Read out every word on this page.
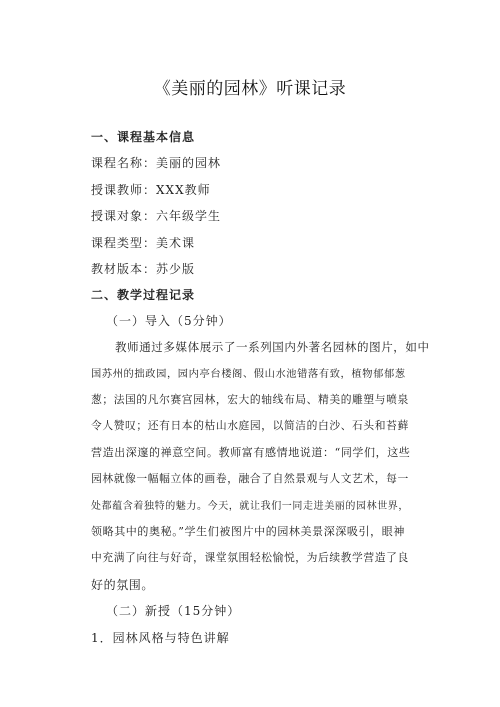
《美丽的园林》听课记录
一、课程基本信息
课程名称：美丽的园林
授课教师：XXX教师
授课对象：六年级学生
课程类型：美术课
教材版本：苏少版
二、教学过程记录
（一）导入（5分钟）
教师通过多媒体展示了一系列国内外著名园林的图片，如中
国苏州的拙政园，园内亭台楼阁、假山水池错落有致，植物郁郁葱
葱；法国的凡尔赛宫园林，宏大的轴线布局、精美的雕塑与喷泉
令人赞叹；还有日本的枯山水庭园，以简洁的白沙、石头和苔藓
营造出深邃的禅意空间。教师富有感情地说道：“同学们，这些
园林就像一幅幅立体的画卷，融合了自然景观与人文艺术，每一
处都蕴含着独特的魅力。今天，就让我们一同走进美丽的园林世界，
领略其中的奥秘。”学生们被图片中的园林美景深深吸引，眼神
中充满了向往与好奇，课堂氛围轻松愉悦，为后续教学营造了良
好的氛围。
（二）新授（15分钟）
1．园林风格与特色讲解
